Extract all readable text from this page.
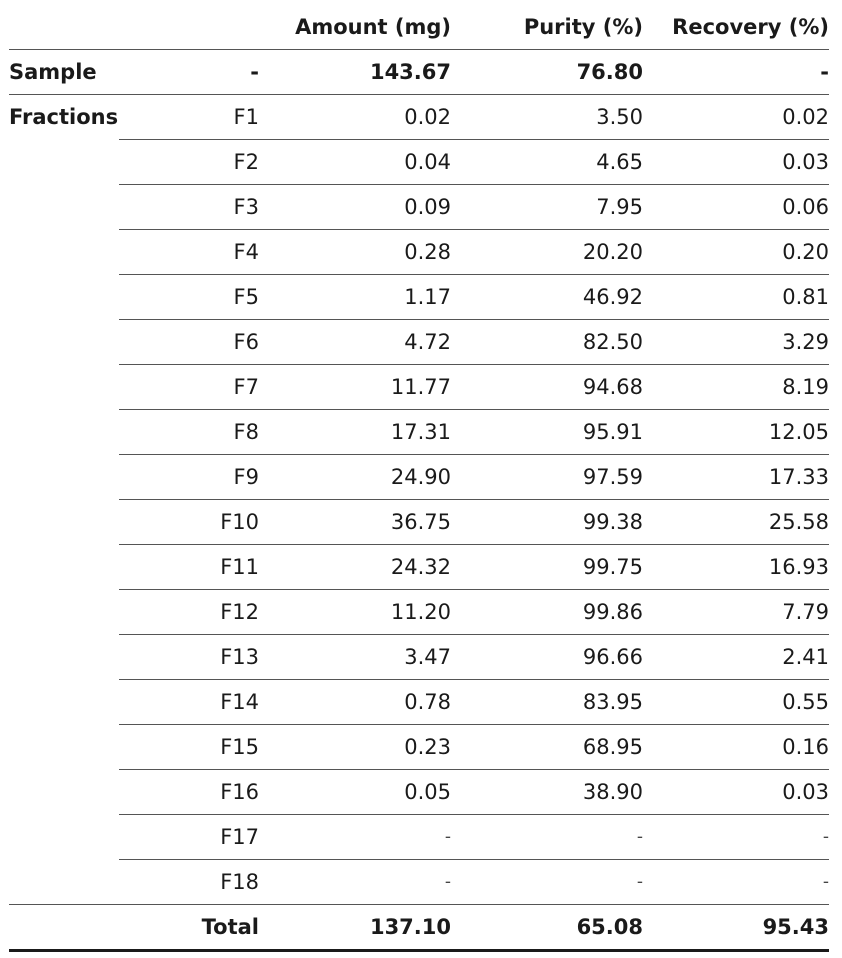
		Amount (mg)	Purity (%)	Recovery (%)
Sample	-	143.67	76.80	-
Fractions	F1	0.02	3.50	0.02
	F2	0.04	4.65	0.03
	F3	0.09	7.95	0.06
	F4	0.28	20.20	0.20
	F5	1.17	46.92	0.81
	F6	4.72	82.50	3.29
	F7	11.77	94.68	8.19
	F8	17.31	95.91	12.05
	F9	24.90	97.59	17.33
	F10	36.75	99.38	25.58
	F11	24.32	99.75	16.93
	F12	11.20	99.86	7.79
	F13	3.47	96.66	2.41
	F14	0.78	83.95	0.55
	F15	0.23	68.95	0.16
	F16	0.05	38.90	0.03
	F17	-	-	-
	F18	-	-	-
	Total	137.10	65.08	95.43
